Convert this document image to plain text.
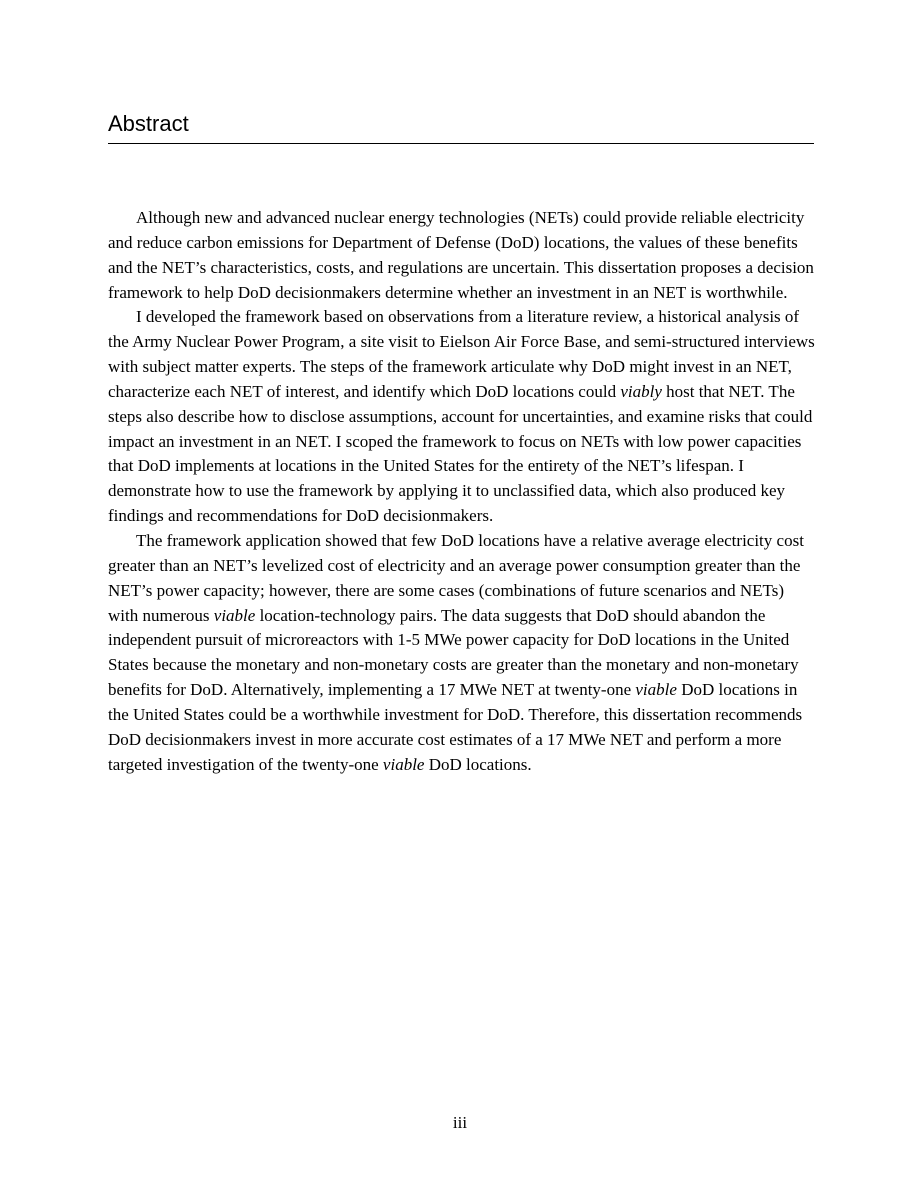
Abstract

Although new and advanced nuclear energy technologies (NETs) could provide reliable electricity and reduce carbon emissions for Department of Defense (DoD) locations, the values of these benefits and the NET’s characteristics, costs, and regulations are uncertain. This dissertation proposes a decision framework to help DoD decisionmakers determine whether an investment in an NET is worthwhile.

I developed the framework based on observations from a literature review, a historical analysis of the Army Nuclear Power Program, a site visit to Eielson Air Force Base, and semi-structured interviews with subject matter experts. The steps of the framework articulate why DoD might invest in an NET, characterize each NET of interest, and identify which DoD locations could viably host that NET. The steps also describe how to disclose assumptions, account for uncertainties, and examine risks that could impact an investment in an NET. I scoped the framework to focus on NETs with low power capacities that DoD implements at locations in the United States for the entirety of the NET’s lifespan. I demonstrate how to use the framework by applying it to unclassified data, which also produced key findings and recommendations for DoD decisionmakers.

The framework application showed that few DoD locations have a relative average electricity cost greater than an NET’s levelized cost of electricity and an average power consumption greater than the NET’s power capacity; however, there are some cases (combinations of future scenarios and NETs) with numerous viable location-technology pairs. The data suggests that DoD should abandon the independent pursuit of microreactors with 1-5 MWe power capacity for DoD locations in the United States because the monetary and non-monetary costs are greater than the monetary and non-monetary benefits for DoD. Alternatively, implementing a 17 MWe NET at twenty-one viable DoD locations in the United States could be a worthwhile investment for DoD. Therefore, this dissertation recommends DoD decisionmakers invest in more accurate cost estimates of a 17 MWe NET and perform a more targeted investigation of the twenty-one viable DoD locations.

iii
